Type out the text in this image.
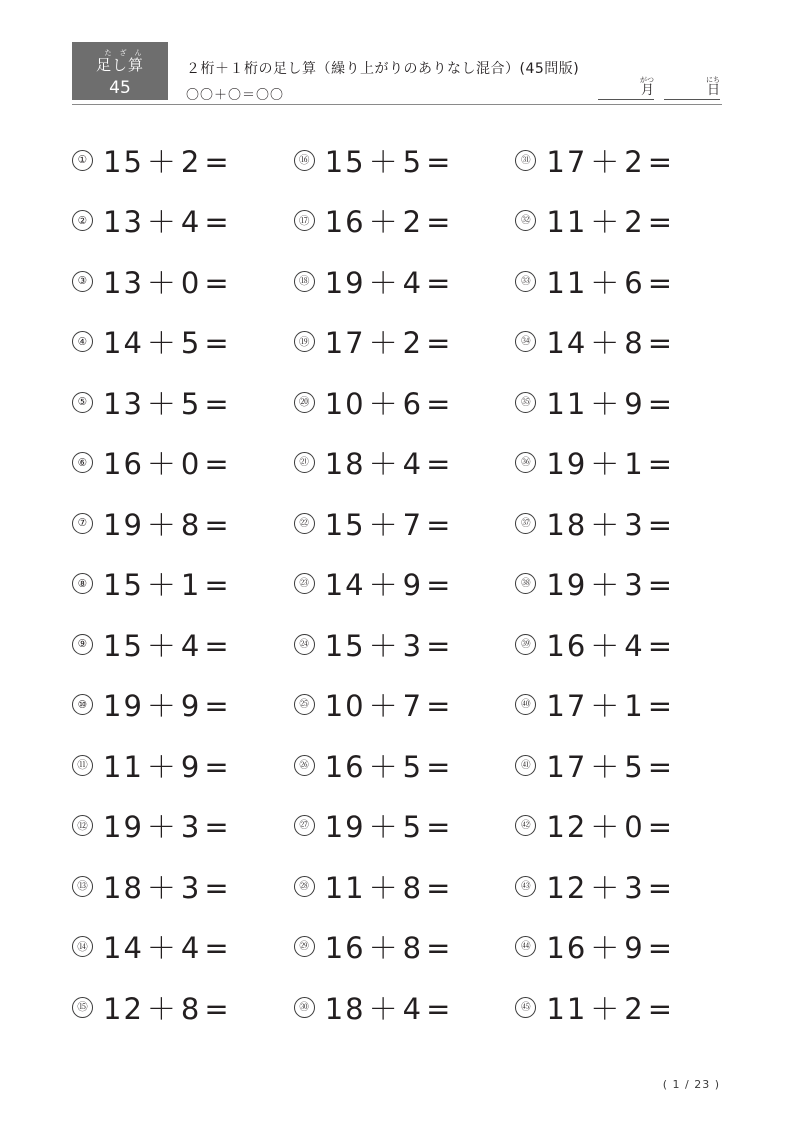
たざん
足し算
45
２桁＋１桁の足し算（繰り上がりのありなし混合）(45問版)
〇〇＋〇＝〇〇
がつ
月
にち
日
① 15 ＋ 2 =	⑯ 15 ＋ 5 =	㉛ 17 ＋ 2 =
② 13 ＋ 4 =	⑰ 16 ＋ 2 =	㉜ 11 ＋ 2 =
③ 13 ＋ 0 =	⑱ 19 ＋ 4 =	㉝ 11 ＋ 6 =
④ 14 ＋ 5 =	⑲ 17 ＋ 2 =	㉞ 14 ＋ 8 =
⑤ 13 ＋ 5 =	⑳ 10 ＋ 6 =	㉟ 11 ＋ 9 =
⑥ 16 ＋ 0 =	㉑ 18 ＋ 4 =	㊱ 19 ＋ 1 =
⑦ 19 ＋ 8 =	㉒ 15 ＋ 7 =	㊲ 18 ＋ 3 =
⑧ 15 ＋ 1 =	㉓ 14 ＋ 9 =	㊳ 19 ＋ 3 =
⑨ 15 ＋ 4 =	㉔ 15 ＋ 3 =	㊴ 16 ＋ 4 =
⑩ 19 ＋ 9 =	㉕ 10 ＋ 7 =	㊵ 17 ＋ 1 =
⑪ 11 ＋ 9 =	㉖ 16 ＋ 5 =	㊶ 17 ＋ 5 =
⑫ 19 ＋ 3 =	㉗ 19 ＋ 5 =	㊷ 12 ＋ 0 =
⑬ 18 ＋ 3 =	㉘ 11 ＋ 8 =	㊸ 12 ＋ 3 =
⑭ 14 ＋ 4 =	㉙ 16 ＋ 8 =	㊹ 16 ＋ 9 =
⑮ 12 ＋ 8 =	㉚ 18 ＋ 4 =	㊺ 11 ＋ 2 =
( 1 / 23 )
